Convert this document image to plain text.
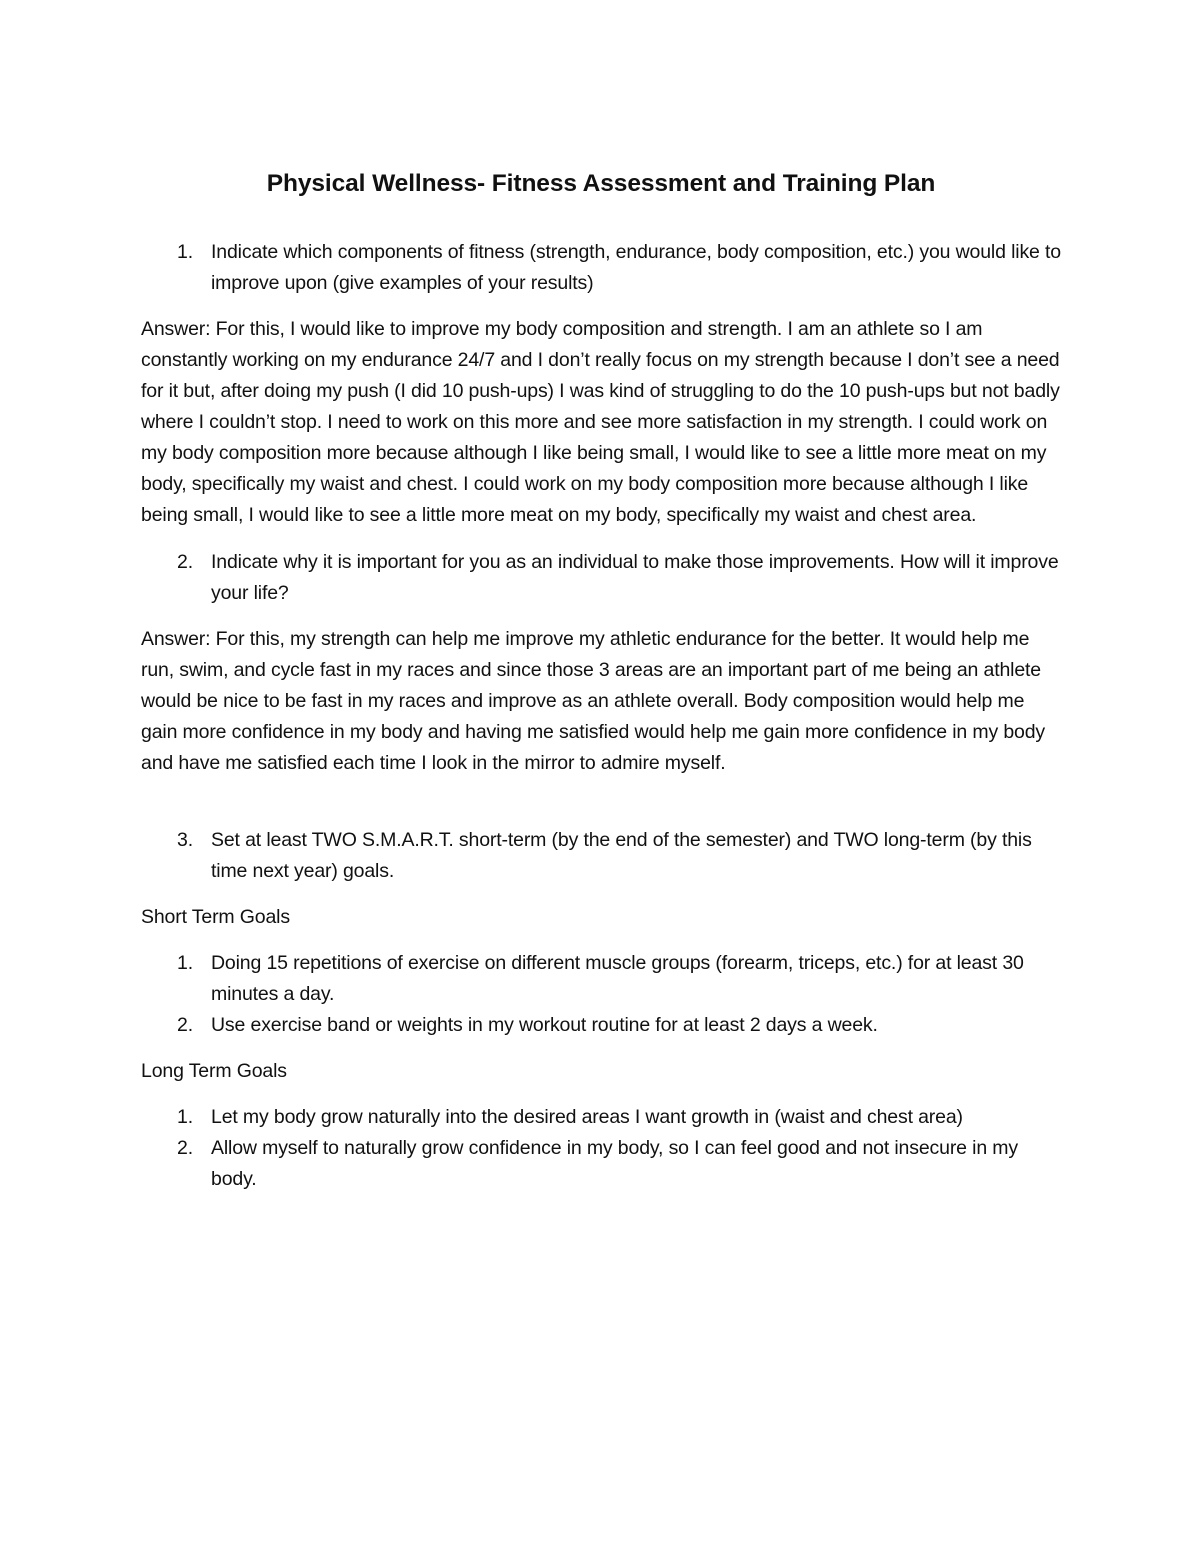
Physical Wellness- Fitness Assessment and Training Plan
1. Indicate which components of fitness (strength, endurance, body composition, etc.) you would like to improve upon (give examples of your results)

Answer: For this, I would like to improve my body composition and strength. I am an athlete so I am constantly working on my endurance 24/7 and I don’t really focus on my strength because I don’t see a need for it but, after doing my push (I did 10 push-ups) I was kind of struggling to do the 10 push-ups but not badly where I couldn’t stop. I need to work on this more and see more satisfaction in my strength. I could work on my body composition more because although I like being small, I would like to see a little more meat on my body, specifically my waist and chest. I could work on my body composition more because although I like being small, I would like to see a little more meat on my body, specifically my waist and chest area.

2. Indicate why it is important for you as an individual to make those improvements. How will it improve your life?

Answer: For this, my strength can help me improve my athletic endurance for the better. It would help me run, swim, and cycle fast in my races and since those 3 areas are an important part of me being an athlete would be nice to be fast in my races and improve as an athlete overall. Body composition would help me gain more confidence in my body and having me satisfied would help me gain more confidence in my body and have me satisfied each time I look in the mirror to admire myself.

3. Set at least TWO S.M.A.R.T. short-term (by the end of the semester) and TWO long-term (by this time next year) goals.

Short Term Goals

1. Doing 15 repetitions of exercise on different muscle groups (forearm, triceps, etc.) for at least 30 minutes a day.
2. Use exercise band or weights in my workout routine for at least 2 days a week.

Long Term Goals

1. Let my body grow naturally into the desired areas I want growth in (waist and chest area)
2. Allow myself to naturally grow confidence in my body, so I can feel good and not insecure in my body.
